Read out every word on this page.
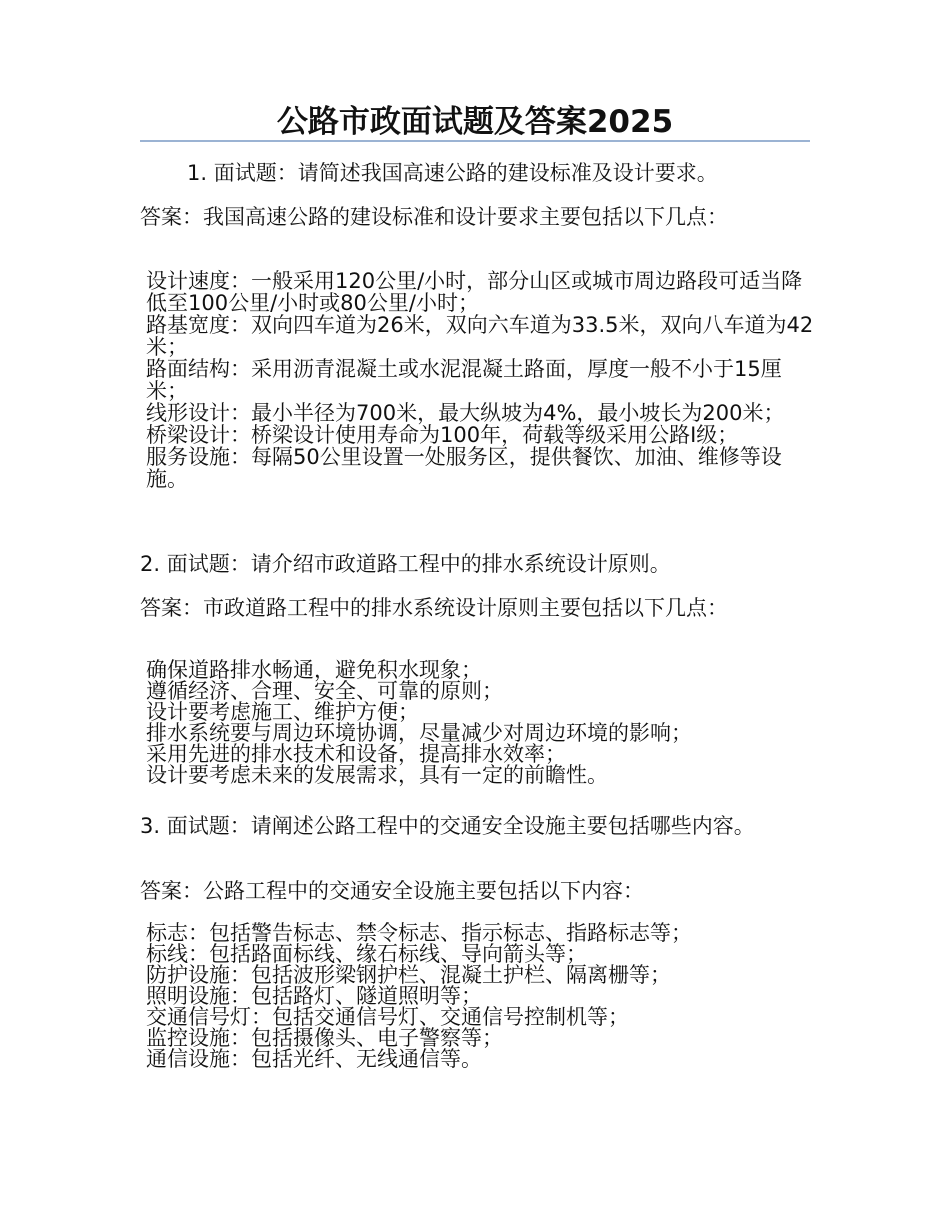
公路市政面试题及答案2025
1. 面试题：请简述我国高速公路的建设标准及设计要求。
答案：我国高速公路的建设标准和设计要求主要包括以下几点：
设计速度：一般采用120公里/小时，部分山区或城市周边路段可适当降低至100公里/小时或80公里/小时；
路基宽度：双向四车道为26米，双向六车道为33.5米，双向八车道为42米；
路面结构：采用沥青混凝土或水泥混凝土路面，厚度一般不小于15厘米；
线形设计：最小半径为700米，最大纵坡为4%，最小坡长为200米；
桥梁设计：桥梁设计使用寿命为100年，荷载等级采用公路I级；
服务设施：每隔50公里设置一处服务区，提供餐饮、加油、维修等设施。
2. 面试题：请介绍市政道路工程中的排水系统设计原则。
答案：市政道路工程中的排水系统设计原则主要包括以下几点：
确保道路排水畅通，避免积水现象；
遵循经济、合理、安全、可靠的原则；
设计要考虑施工、维护方便；
排水系统要与周边环境协调，尽量减少对周边环境的影响；
采用先进的排水技术和设备，提高排水效率；
设计要考虑未来的发展需求，具有一定的前瞻性。
3. 面试题：请阐述公路工程中的交通安全设施主要包括哪些内容。
答案：公路工程中的交通安全设施主要包括以下内容：
标志：包括警告标志、禁令标志、指示标志、指路标志等；
标线：包括路面标线、缘石标线、导向箭头等；
防护设施：包括波形梁钢护栏、混凝土护栏、隔离栅等；
照明设施：包括路灯、隧道照明等；
交通信号灯：包括交通信号灯、交通信号控制机等；
监控设施：包括摄像头、电子警察等；
通信设施：包括光纤、无线通信等。
